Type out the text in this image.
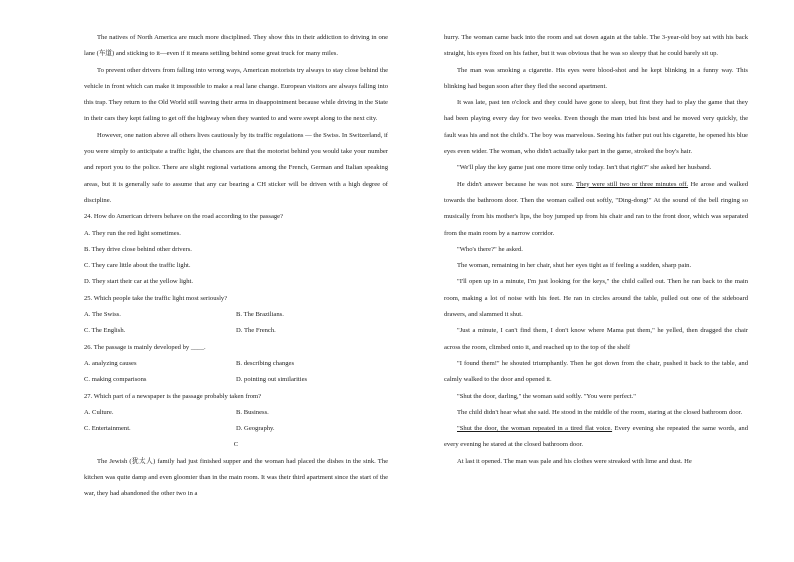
The natives of North America are much more disciplined. They show this in their addiction to driving in one lane (车道) and sticking to it—even if it means settling behind some great truck for many miles.

To prevent other drivers from falling into wrong ways, American motorists try always to stay close behind the vehicle in front which can make it impossible to make a real lane change. European visitors are always falling into this trap. They return to the Old World still waving their arms in disappointment because while driving in the State in their cars they kept failing to get off the highway when they wanted to and were swept along to the next city.

However, one nation above all others lives cautiously by its traffic regulations — the Swiss. In Switzerland, if you were simply to anticipate a traffic light, the chances are that the motorist behind you would take your number and report you to the police. There are slight regional variations among the French, German and Italian speaking areas, but it is generally safe to assume that any car bearing a CH sticker will be driven with a high degree of discipline.

24. How do American drivers behave on the road according to the passage?

A. They run the red light sometimes.

B. They drive close behind other drivers.

C. They care little about the traffic light.

D. They start their car at the yellow light.

25. Which people take the traffic light most seriously?

A. The Swiss.	B. The Brazilians.
C. The English.	D. The French.

26. The passage is mainly developed by ____.

A. analyzing causes	B. describing changes
C. making comparisons	D. pointing out similarities

27. Which part of a newspaper is the passage probably taken from?

A. Culture.	B. Business.
C. Entertainment.	D. Geography.

C

The Jewish (犹太人) family had just finished supper and the woman had placed the dishes in the sink. The kitchen was quite damp and even gloomier than in the main room. It was their third apartment since the start of the war, they had abandoned the other two in a

hurry. The woman came back into the room and sat down again at the table. The 3-year-old boy sat with his back straight, his eyes fixed on his father, but it was obvious that he was so sleepy that he could barely sit up.

The man was smoking a cigarette. His eyes were blood-shot and he kept blinking in a funny way. This blinking had begun soon after they fled the second apartment.

It was late, past ten o'clock and they could have gone to sleep, but first they had to play the game that they had been playing every day for two weeks. Even though the man tried his best and he moved very quickly, the fault was his and not the child's. The boy was marvelous. Seeing his father put out his cigarette, he opened his blue eyes even wider. The woman, who didn't actually take part in the game, stroked the boy's hair.

"We'll play the key game just one more time only today. Isn't that right?" she asked her husband.

He didn't answer because he was not sure. They were still two or three minutes off. He arose and walked towards the bathroom door. Then the woman called out softly, "Ding-dong!" At the sound of the bell ringing so musically from his mother's lips, the boy jumped up from his chair and ran to the front door, which was separated from the main room by a narrow corridor.

"Who's there?" he asked.

The woman, remaining in her chair, shut her eyes tight as if feeling a sudden, sharp pain.

"I'll open up in a minute, I'm just looking for the keys," the child called out. Then he ran back to the main room, making a lot of noise with his feet. He ran in circles around the table, pulled out one of the sideboard drawers, and slammed it shut.

"Just a minute, I can't find them, I don't know where Mama put them," he yelled, then dragged the chair across the room, climbed onto it, and reached up to the top of the shelf

"I found them!" he shouted triumphantly. Then he got down from the chair, pushed it back to the table, and calmly walked to the door and opened it.

"Shut the door, darling," the woman said softly. "You were perfect."

The child didn't hear what she said. He stood in the middle of the room, staring at the closed bathroom door.

"Shut the door, the woman repeated in a tired flat voice. Every evening she repeated the same words, and every evening he stared at the closed bathroom door.

At last it opened. The man was pale and his clothes were streaked with lime and dust. He
